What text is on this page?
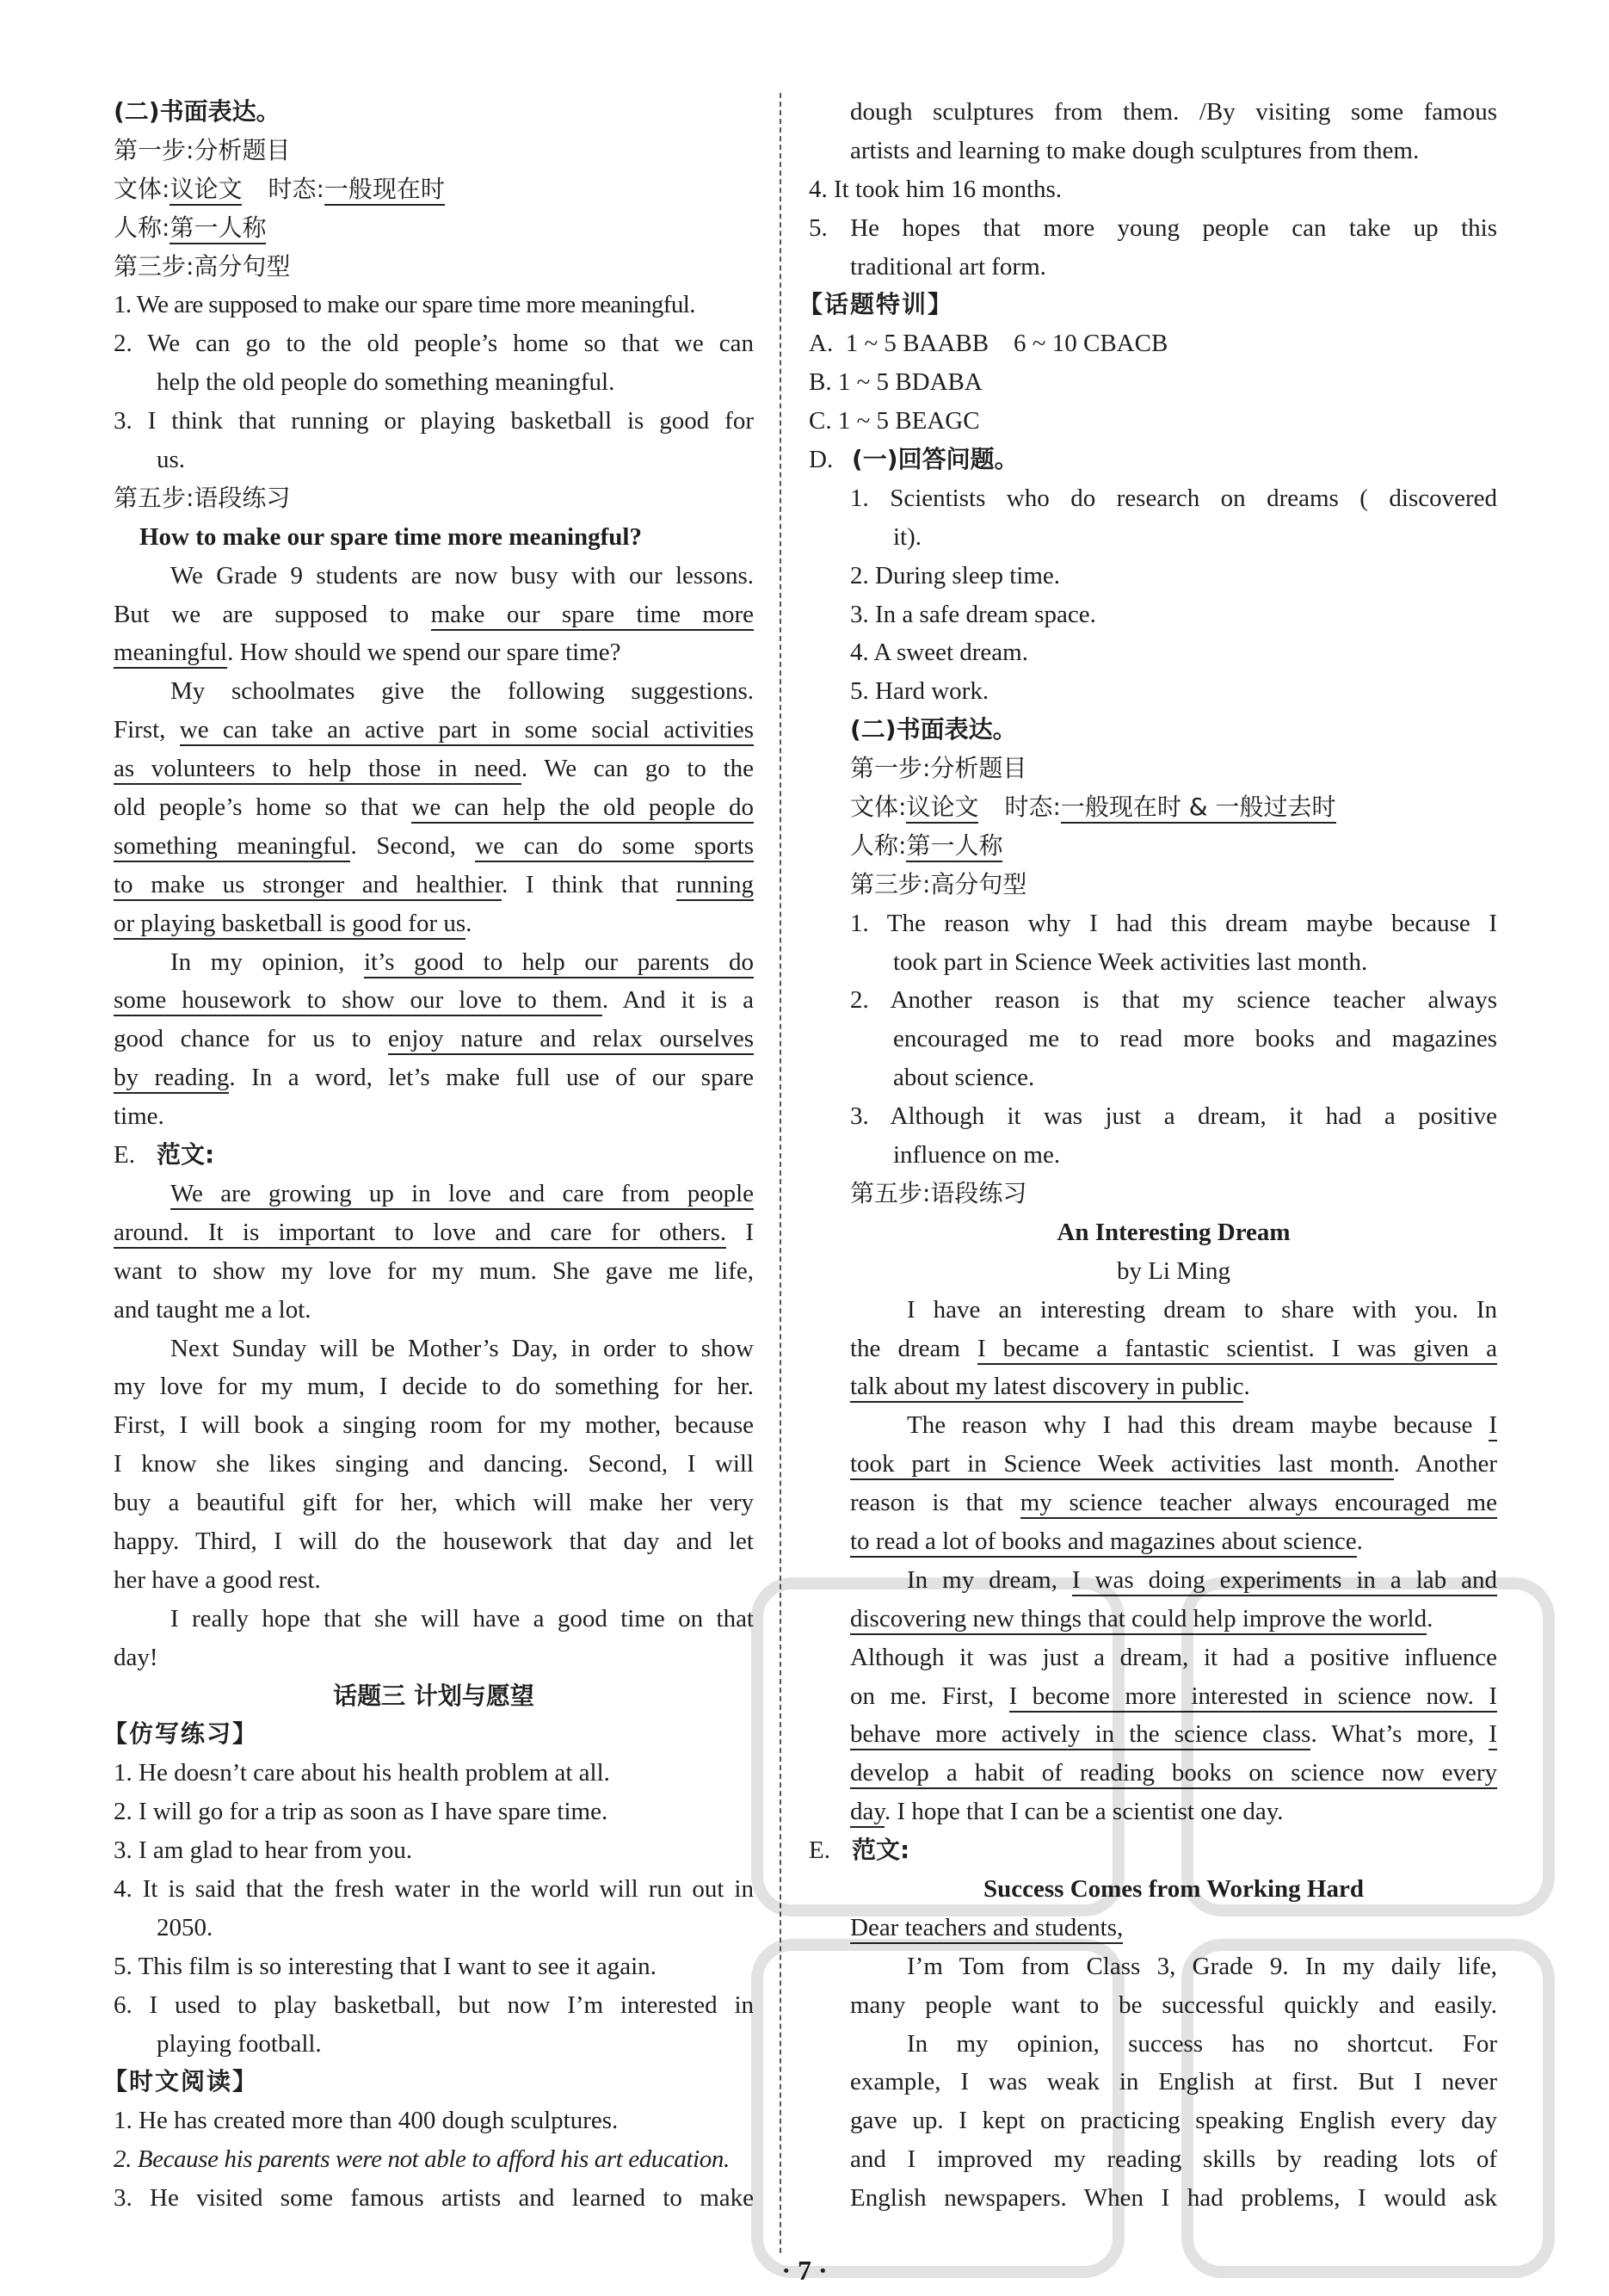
(二)书面表达。
第一步:分析题目
文体:议论文 时态:一般现在时
人称:第一人称
第三步:高分句型
1. We are supposed to make our spare time more meaningful.
2. We can go to the old people’s home so that we can
help the old people do something meaningful.
3. I think that running or playing basketball is good for
us.
第五步:语段练习
How to make our spare time more meaningful?
We Grade 9 students are now busy with our lessons.
But we are supposed to make our spare time more
meaningful. How should we spend our spare time?
My schoolmates give the following suggestions.
First, we can take an active part in some social activities
as volunteers to help those in need. We can go to the
old people’s home so that we can help the old people do
something meaningful. Second, we can do some sports
to make us stronger and healthier. I think that running
or playing basketball is good for us.
In my opinion, it’s good to help our parents do
some housework to show our love to them. And it is a
good chance for us to enjoy nature and relax ourselves
by reading. In a word, let’s make full use of our spare
time.
E. 范文:
We are growing up in love and care from people
around. It is important to love and care for others. I
want to show my love for my mum. She gave me life,
and taught me a lot.
Next Sunday will be Mother’s Day, in order to show
my love for my mum, I decide to do something for her.
First, I will book a singing room for my mother, because
I know she likes singing and dancing. Second, I will
buy a beautiful gift for her, which will make her very
happy. Third, I will do the housework that day and let
her have a good rest.
I really hope that she will have a good time on that
day!
话题三 计划与愿望
【仿写练习】
1. He doesn’t care about his health problem at all.
2. I will go for a trip as soon as I have spare time.
3. I am glad to hear from you.
4. It is said that the fresh water in the world will run out in
2050.
5. This film is so interesting that I want to see it again.
6. I used to play basketball, but now I’m interested in
playing football.
【时文阅读】
1. He has created more than 400 dough sculptures.
2. Because his parents were not able to afford his art education.
3. He visited some famous artists and learned to make
dough sculptures from them. /By visiting some famous
artists and learning to make dough sculptures from them.
4. It took him 16 months.
5. He hopes that more young people can take up this
traditional art form.
【话题特训】
A.  1 ~ 5 BAABB    6 ~ 10 CBACB
B. 1 ~ 5 BDABA
C. 1 ~ 5 BEAGC
D. (一)回答问题。
1. Scientists who do research on dreams ( discovered
it).
2. During sleep time.
3. In a safe dream space.
4. A sweet dream.
5. Hard work.
(二)书面表达。
第一步:分析题目
文体:议论文 时态:一般现在时 & 一般过去时
人称:第一人称
第三步:高分句型
1. The reason why I had this dream maybe because I
took part in Science Week activities last month.
2. Another reason is that my science teacher always
encouraged me to read more books and magazines
about science.
3. Although it was just a dream, it had a positive
influence on me.
第五步:语段练习
An Interesting Dream
by Li Ming
I have an interesting dream to share with you. In
the dream I became a fantastic scientist. I was given a
talk about my latest discovery in public.
The reason why I had this dream maybe because I
took part in Science Week activities last month. Another
reason is that my science teacher always encouraged me
to read a lot of books and magazines about science.
In my dream, I was doing experiments in a lab and
discovering new things that could help improve the world.
Although it was just a dream, it had a positive influence
on me. First, I become more interested in science now. I
behave more actively in the science class. What’s more, I
develop a habit of reading books on science now every
day. I hope that I can be a scientist one day.
E. 范文:
Success Comes from Working Hard
Dear teachers and students,
I’m Tom from Class 3, Grade 9. In my daily life,
many people want to be successful quickly and easily.
In my opinion, success has no shortcut. For
example, I was weak in English at first. But I never
gave up. I kept on practicing speaking English every day
and I improved my reading skills by reading lots of
English newspapers. When I had problems, I would ask
· 7 ·
